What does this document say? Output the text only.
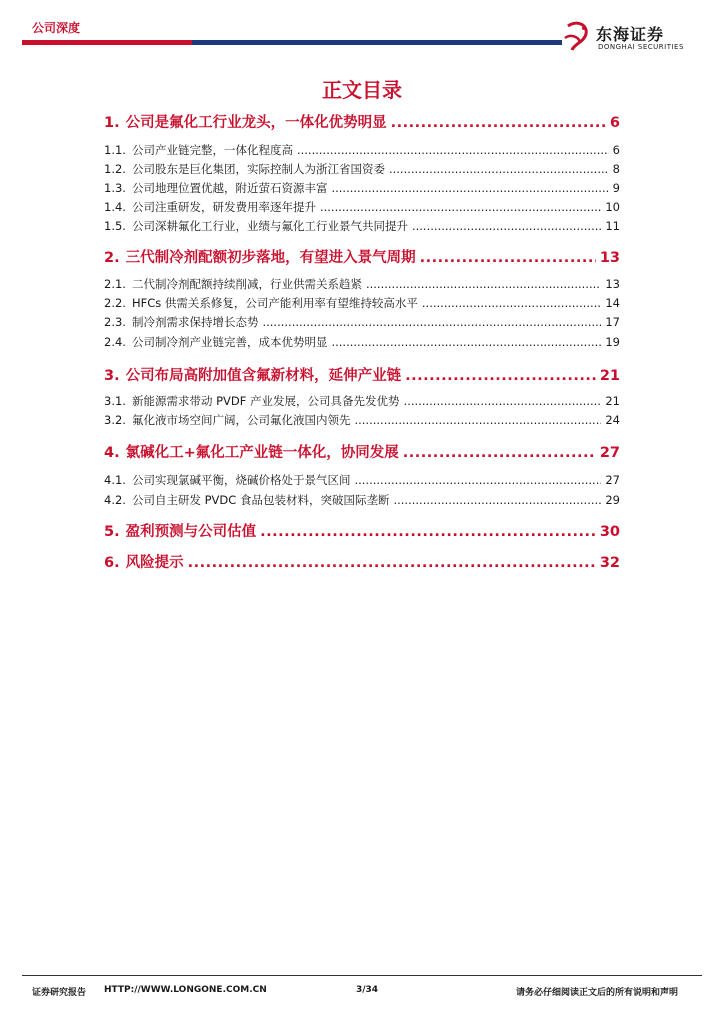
公司深度	东海证券
DONGHAI SECURITIES
正文目录
1. 公司是氟化工行业龙头，一体化优势明显 .....	6
1.1. 公司产业链完整，一体化程度高 .....	6
1.2. 公司股东是巨化集团，实际控制人为浙江省国资委 .....	8
1.3. 公司地理位置优越，附近萤石资源丰富 .....	9
1.4. 公司注重研发，研发费用率逐年提升 .....	10
1.5. 公司深耕氟化工行业，业绩与氟化工行业景气共同提升 .....	11
2. 三代制冷剂配额初步落地，有望进入景气周期 .....	13
2.1. 二代制冷剂配额持续削减，行业供需关系趋紧 .....	13
2.2. HFCs 供需关系修复，公司产能利用率有望维持较高水平 .....	14
2.3. 制冷剂需求保持增长态势 .....	17
2.4. 公司制冷剂产业链完善，成本优势明显 .....	19
3. 公司布局高附加值含氟新材料，延伸产业链 .....	21
3.1. 新能源需求带动 PVDF 产业发展，公司具备先发优势 .....	21
3.2. 氟化液市场空间广阔，公司氟化液国内领先 .....	24
4. 氯碱化工+氟化工产业链一体化，协同发展 .....	27
4.1. 公司实现氯碱平衡，烧碱价格处于景气区间 .....	27
4.2. 公司自主研发 PVDC 食品包装材料，突破国际垄断 .....	29
5. 盈利预测与公司估值 .....	30
6. 风险提示 .....	32
证券研究报告 HTTP://WWW.LONGONE.COM.CN	3/34	请务必仔细阅读正文后的所有说明和声明
